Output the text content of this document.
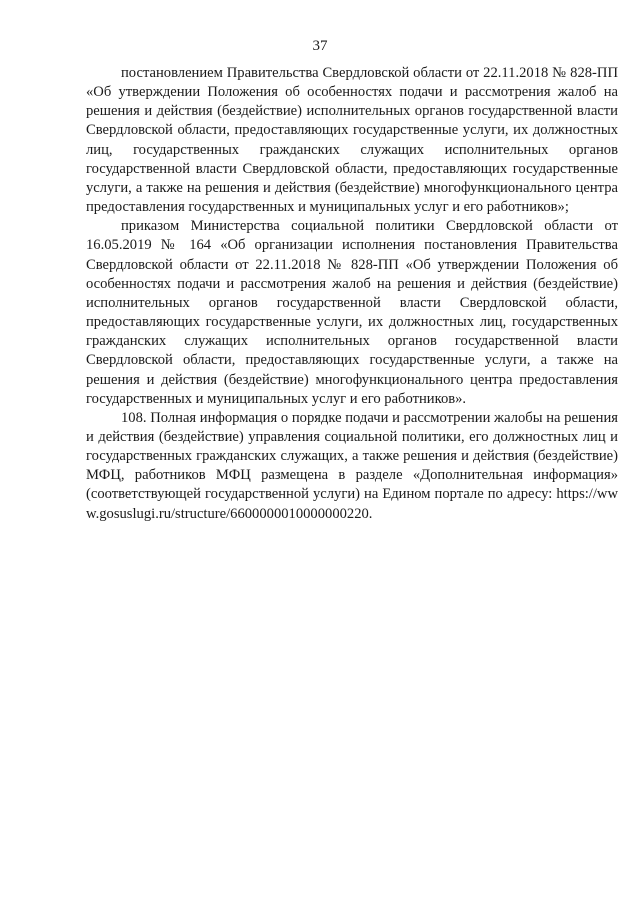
37

постановлением Правительства Свердловской области от 22.11.2018 № 828-ПП «Об утверждении Положения об особенностях подачи и рассмотрения жалоб на решения и действия (бездействие) исполнительных органов государственной власти Свердловской области, предоставляющих государственные услуги, их должностных лиц, государственных гражданских служащих исполнительных органов государственной власти Свердловской области, предоставляющих государственные услуги, а также на решения и действия (бездействие) многофункционального центра предоставления государственных и муниципальных услуг и его работников»;

приказом Министерства социальной политики Свердловской области от 16.05.2019 № 164 «Об организации исполнения постановления Правительства Свердловской области от 22.11.2018 № 828-ПП «Об утверждении Положения об особенностях подачи и рассмотрения жалоб на решения и действия (бездействие) исполнительных органов государственной власти Свердловской области, предоставляющих государственные услуги, их должностных лиц, государственных гражданских служащих исполнительных органов государственной власти Свердловской области, предоставляющих государственные услуги, а также на решения и действия (бездействие) многофункционального центра предоставления государственных и муниципальных услуг и его работников».

108. Полная информация о порядке подачи и рассмотрении жалобы на решения и действия (бездействие) управления социальной политики, его должностных лиц и государственных гражданских служащих, а также решения и действия (бездействие) МФЦ, работников МФЦ размещена в разделе «Дополнительная информация» (соответствующей государственной услуги) на Едином портале по адресу: https://www.gosuslugi.ru/structure/6600000010000000220.
